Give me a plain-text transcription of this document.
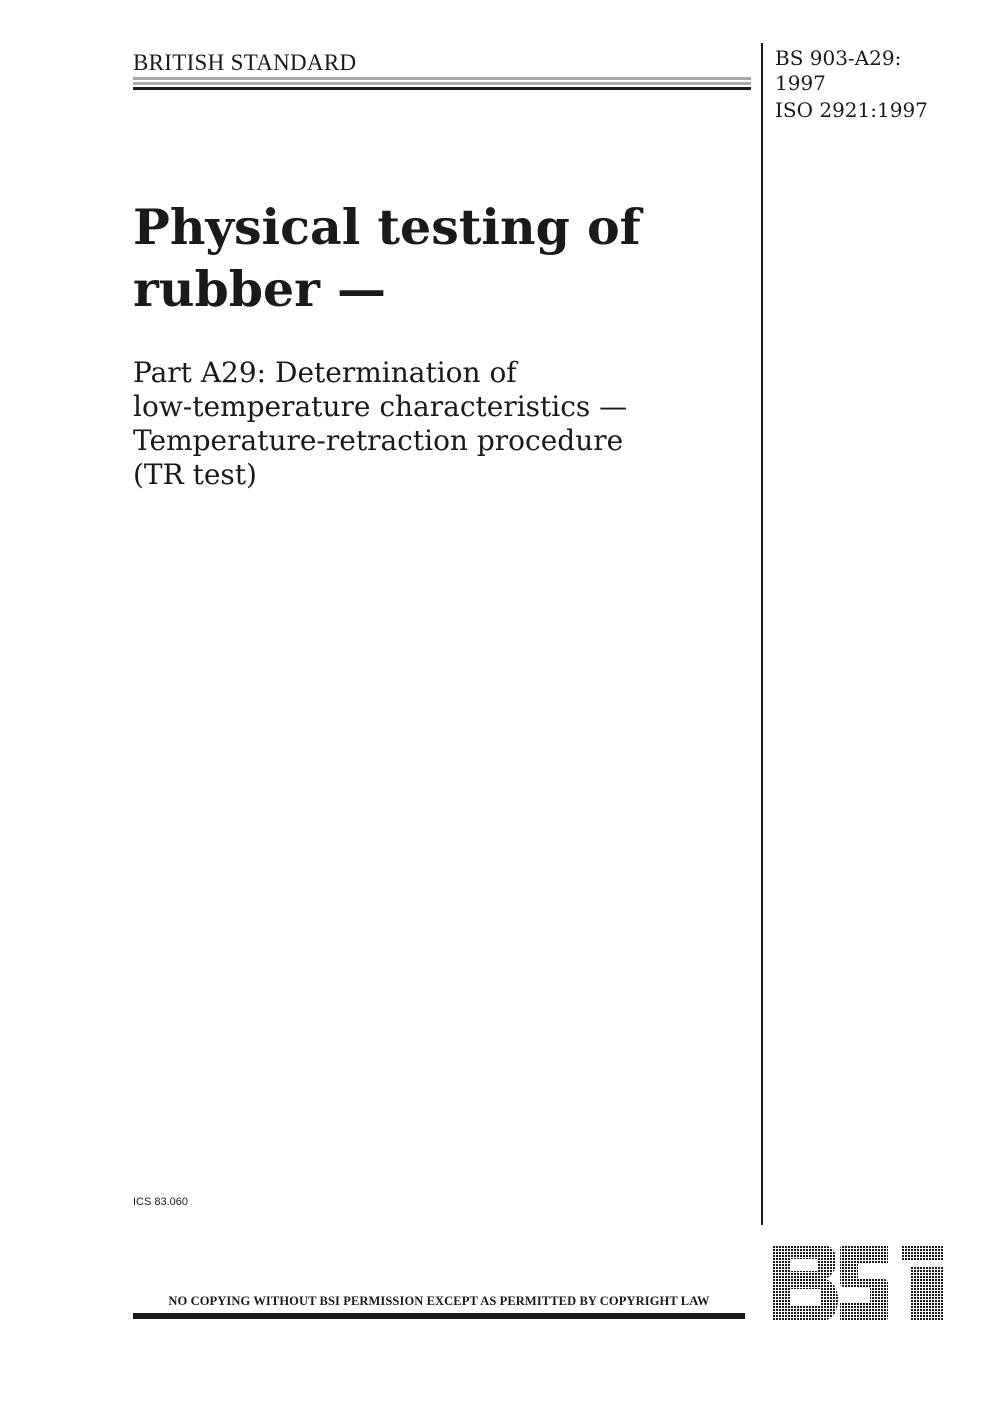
BRITISH STANDARD	BS 903-A29:
1997
ISO 2921:1997
Physical testing of
rubber —
Part A29: Determination of
low-temperature characteristics —
Temperature-retraction procedure
(TR test)
ICS 83.060
NO COPYING WITHOUT BSI PERMISSION EXCEPT AS PERMITTED BY COPYRIGHT LAW
